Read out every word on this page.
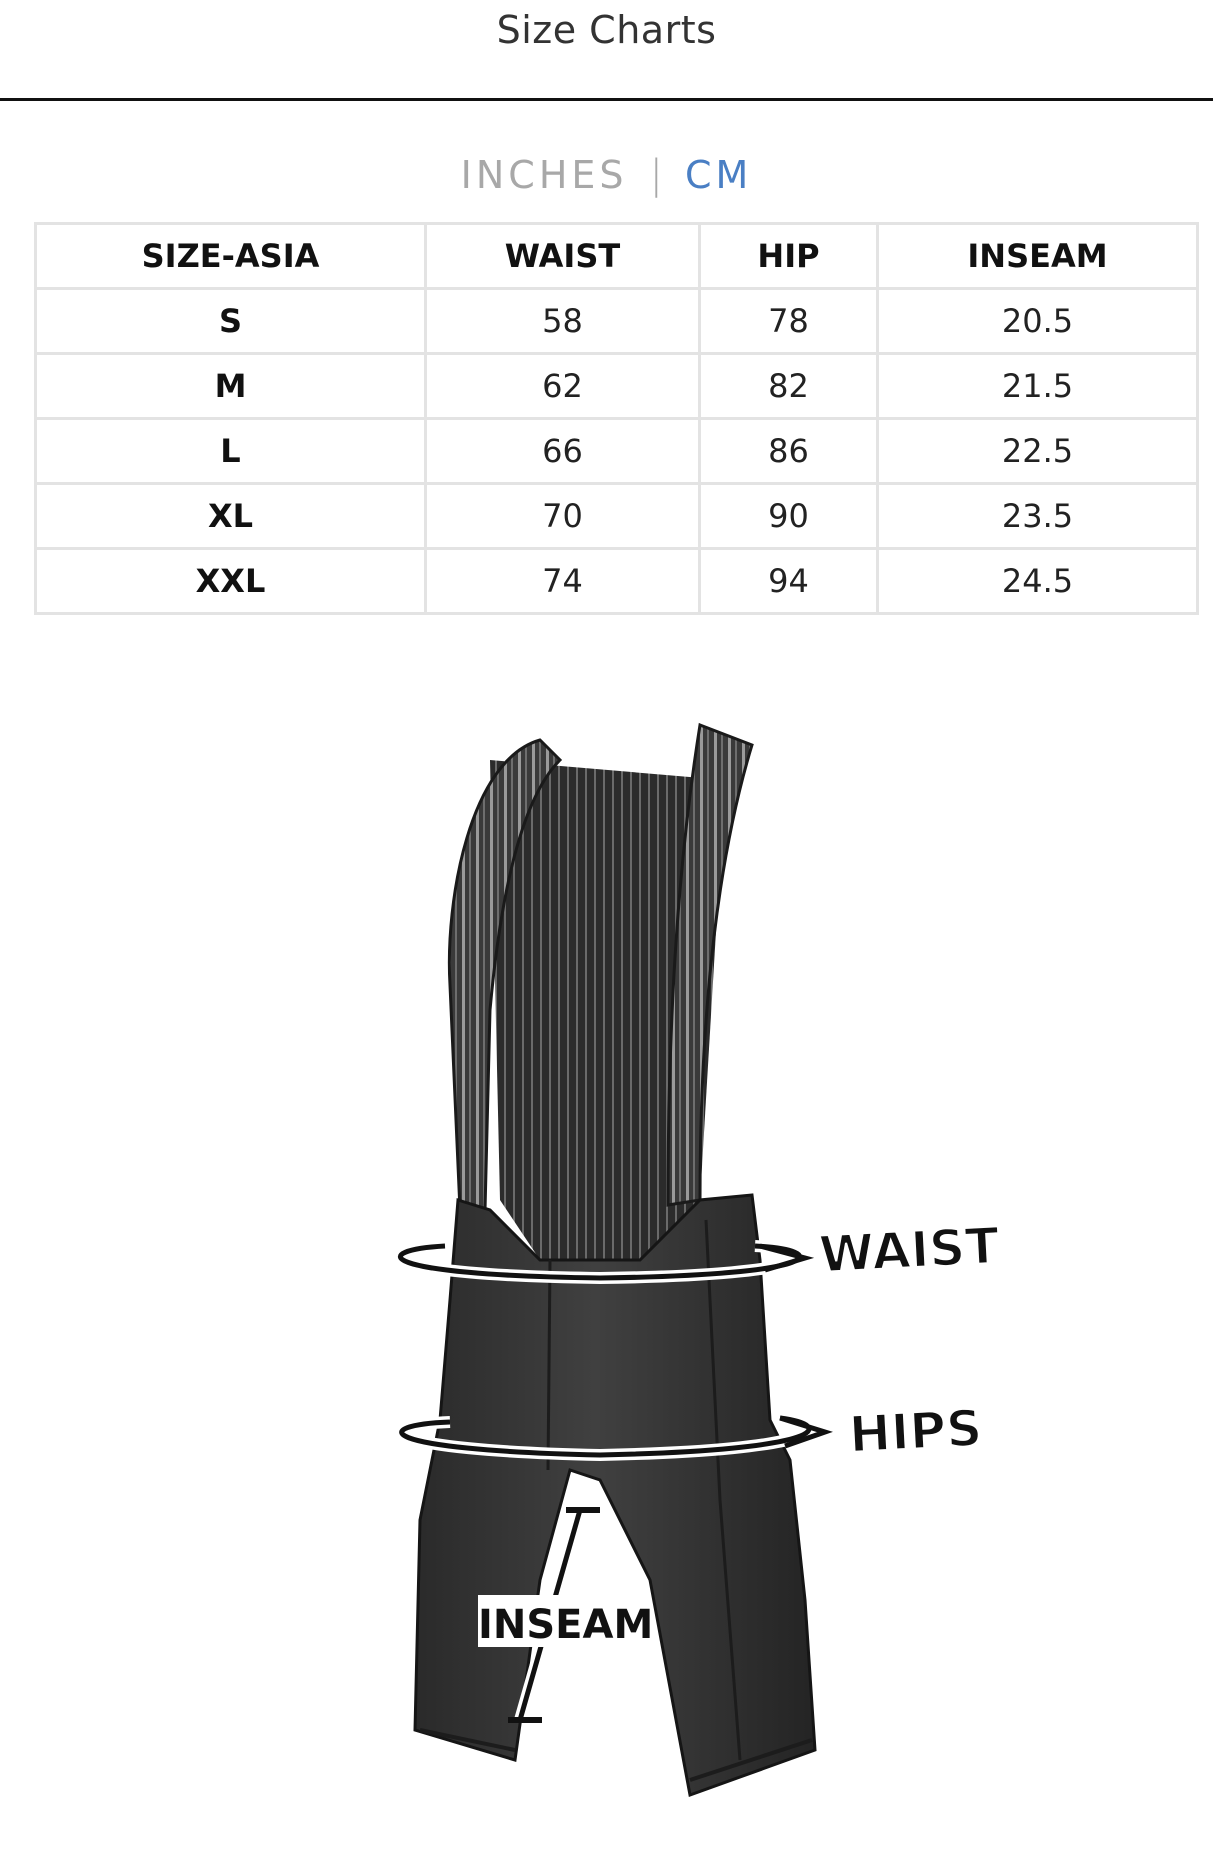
Size Charts
INCHES | CM
SIZE-ASIA	WAIST	HIP	INSEAM
S	58	78	20.5
M	62	82	21.5
L	66	86	22.5
XL	70	90	23.5
XXL	74	94	24.5
WAIST
HIPS
INSEAM
